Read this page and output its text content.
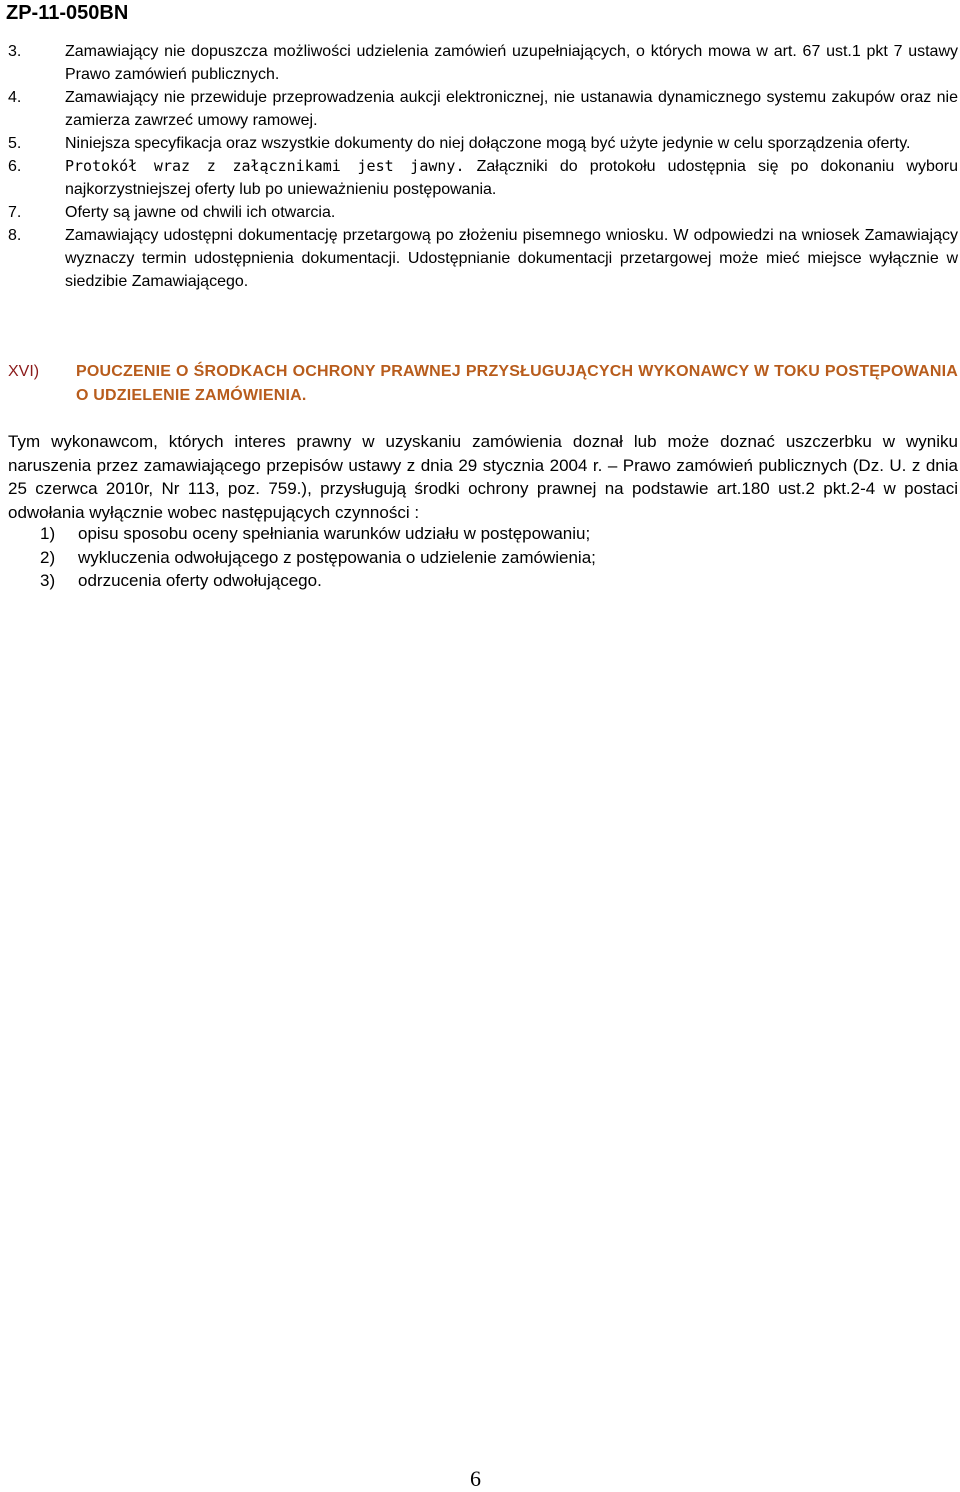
ZP-11-050BN
3.	Zamawiający nie dopuszcza możliwości udzielenia zamówień uzupełniających, o których mowa w art. 67 ust.1 pkt 7 ustawy Prawo zamówień publicznych.
4.	Zamawiający nie przewiduje przeprowadzenia aukcji elektronicznej, nie ustanawia dynamicznego systemu zakupów oraz nie zamierza zawrzeć umowy ramowej.
5.	Niniejsza specyfikacja oraz wszystkie dokumenty do niej dołączone mogą być użyte jedynie w celu sporządzenia oferty.
6.	Protokół wraz z załącznikami jest jawny. Załączniki do protokołu udostępnia się po dokonaniu wyboru najkorzystniejszej oferty lub po unieważnieniu postępowania.
7.	Oferty są jawne od chwili ich otwarcia.
8.	Zamawiający udostępni dokumentację przetargową po złożeniu pisemnego wniosku. W odpowiedzi na wniosek Zamawiający wyznaczy termin udostępnienia dokumentacji. Udostępnianie dokumentacji przetargowej może mieć miejsce wyłącznie w siedzibie Zamawiającego.
XVI)	POUCZENIE O ŚRODKACH OCHRONY PRAWNEJ PRZYSŁUGUJĄCYCH WYKONAWCY W TOKU POSTĘPOWANIA O UDZIELENIE ZAMÓWIENIA.
Tym wykonawcom, których interes prawny w uzyskaniu zamówienia doznał lub może doznać uszczerbku w wyniku naruszenia przez zamawiającego przepisów ustawy z dnia 29 stycznia 2004 r. – Prawo zamówień publicznych (Dz. U. z dnia 25 czerwca 2010r, Nr 113, poz. 759.), przysługują środki ochrony prawnej na podstawie art.180 ust.2 pkt.2-4 w postaci odwołania wyłącznie wobec następujących czynności :
1)	opisu sposobu oceny spełniania warunków udziału w postępowaniu;
2)	wykluczenia odwołującego z postępowania o udzielenie zamówienia;
3)	odrzucenia oferty odwołującego.
6
